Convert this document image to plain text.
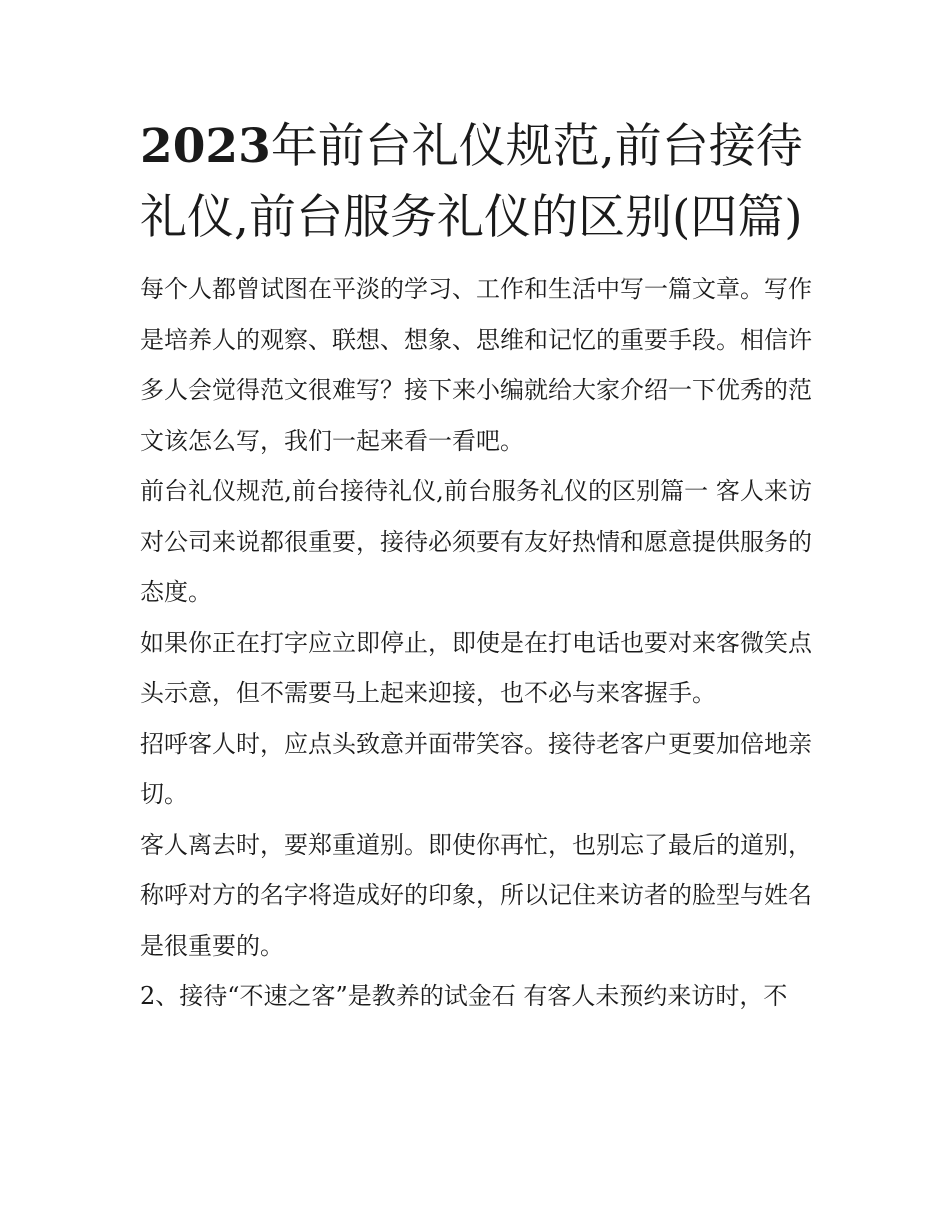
2023年前台礼仪规范,前台接待礼仪,前台服务礼仪的区别(四篇)

每个人都曾试图在平淡的学习、工作和生活中写一篇文章。写作是培养人的观察、联想、想象、思维和记忆的重要手段。相信许多人会觉得范文很难写？接下来小编就给大家介绍一下优秀的范文该怎么写，我们一起来看一看吧。

前台礼仪规范,前台接待礼仪,前台服务礼仪的区别篇一 客人来访对公司来说都很重要，接待必须要有友好热情和愿意提供服务的态度。

如果你正在打字应立即停止，即使是在打电话也要对来客微笑点头示意，但不需要马上起来迎接，也不必与来客握手。

招呼客人时，应点头致意并面带笑容。接待老客户更要加倍地亲切。

客人离去时，要郑重道别。即使你再忙，也别忘了最后的道别，称呼对方的名字将造成好的印象，所以记住来访者的脸型与姓名是很重要的。

2、接待“不速之客”是教养的试金石 有客人未预约来访时，不
